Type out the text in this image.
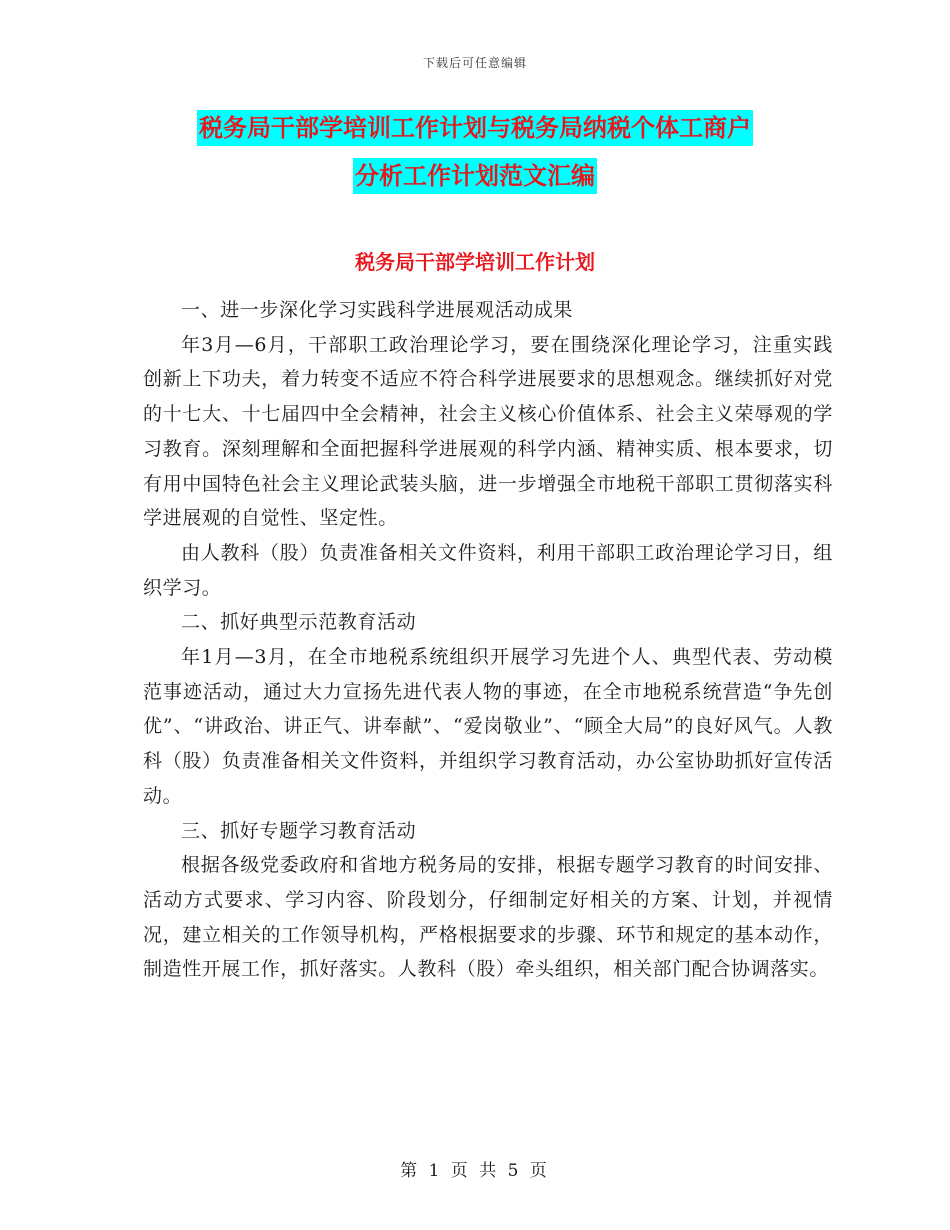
下载后可任意编辑
税务局干部学培训工作计划与税务局纳税个体工商户
分析工作计划范文汇编
税务局干部学培训工作计划

一、进一步深化学习实践科学进展观活动成果

年3月—6月，干部职工政治理论学习，要在围绕深化理论学习，注重实践创新上下功夫，着力转变不适应不符合科学进展要求的思想观念。继续抓好对党的十七大、十七届四中全会精神，社会主义核心价值体系、社会主义荣辱观的学习教育。深刻理解和全面把握科学进展观的科学内涵、精神实质、根本要求，切有用中国特色社会主义理论武装头脑，进一步增强全市地税干部职工贯彻落实科学进展观的自觉性、坚定性。

由人教科（股）负责准备相关文件资料，利用干部职工政治理论学习日，组织学习。

二、抓好典型示范教育活动

年1月—3月，在全市地税系统组织开展学习先进个人、典型代表、劳动模范事迹活动，通过大力宣扬先进代表人物的事迹，在全市地税系统营造“争先创优”、“讲政治、讲正气、讲奉献”、“爱岗敬业”、“顾全大局”的良好风气。人教科（股）负责准备相关文件资料，并组织学习教育活动，办公室协助抓好宣传活动。

三、抓好专题学习教育活动

根据各级党委政府和省地方税务局的安排，根据专题学习教育的时间安排、活动方式要求、学习内容、阶段划分，仔细制定好相关的方案、计划，并视情况，建立相关的工作领导机构，严格根据要求的步骤、环节和规定的基本动作，制造性开展工作，抓好落实。人教科（股）牵头组织，相关部门配合协调落实。

第 1 页 共 5 页
